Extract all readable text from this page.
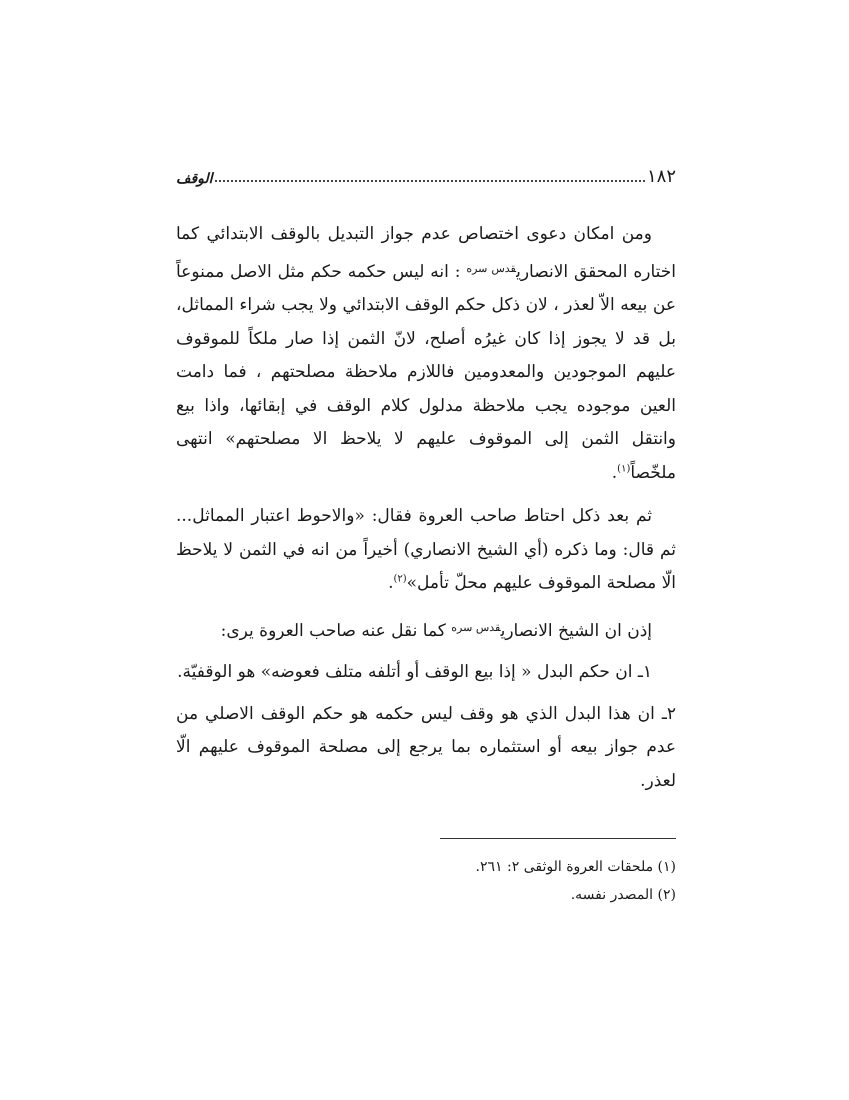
١٨٢
الوقف

ومن امكان دعوى اختصاص عدم جواز التبديل بالوقف الابتدائي كما اختاره المحقق الانصاري$^{قدس سره}$ : انه ليس حكمه حكم مثل الاصل ممنوعاً عن بيعه الاّ لعذر ، لان ذكل حكم الوقف الابتدائي ولا يجب شراء المماثل، بل قد لا يجوز إذا كان غيرُه أصلح، لانّ الثمن إذا صار ملكاً للموقوف عليهم الموجودين والمعدومين فاللازم ملاحظة مصلحتهم ، فما دامت العين موجوده يجب ملاحظة مدلول كلام الوقف في إبقائها، واذا بيع وانتقل الثمن إلى الموقوف عليهم لا يلاحظ الا مصلحتهم» انتهى ملخّصاً$^{(١)}$.

ثم بعد ذكل احتاط صاحب العروة فقال: «والاحوط اعتبار المماثل... ثم قال: وما ذكره (أي الشيخ الانصاري) أخيراً من انه في الثمن لا يلاحظ الّا مصلحة الموقوف عليهم محلّ تأمل»$^{(٢)}$.

إذن ان الشيخ الانصاري$^{قدس سره}$ كما نقل عنه صاحب العروة يرى:

١ـ ان حكم البدل « إذا بيع الوقف أو أتلفه متلف فعوضه» هو الوقفيّة.

٢ـ ان هذا البدل الذي هو وقف ليس حكمه هو حكم الوقف الاصلي من عدم جواز بيعه أو استثماره بما يرجع إلى مصلحة الموقوف عليهم الّا لعذر.

(١) ملحقات العروة الوثقى ٢: ٢٦١.

(٢) المصدر نفسه.
